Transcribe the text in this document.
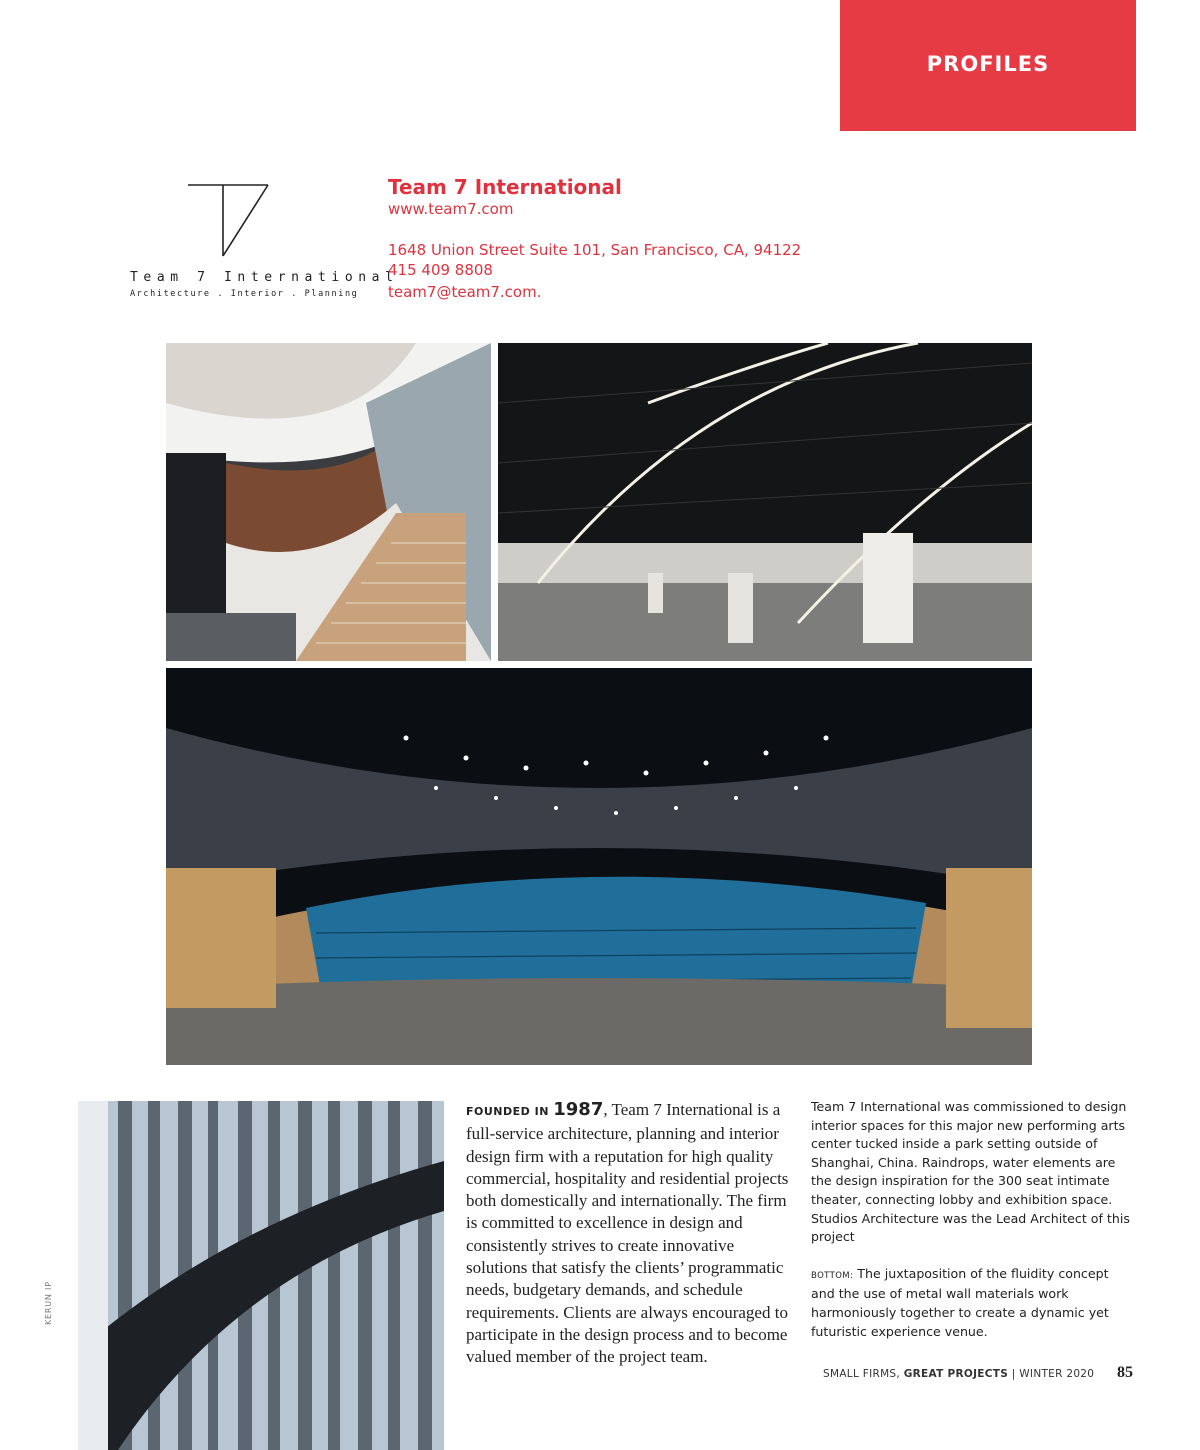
PROFILES
Team 7 International
Architecture . Interior . Planning
Team 7 International
www.team7.com
1648 Union Street Suite 101, San Francisco, CA, 94122
415 409 8808
team7@team7.com.
KERUN IP
FOUNDED IN 1987, Team 7 International is a full-service architecture, planning and interior design firm with a reputation for high quality commercial, hospitality and residential projects both domestically and internationally. The firm is committed to excellence in design and consistently strives to create innovative solutions that satisfy the clients’ programmatic needs, budgetary demands, and schedule requirements. Clients are always encouraged to participate in the design process and to become valued member of the project team.

Team 7 International was commissioned to design interior spaces for this major new performing arts center tucked inside a park setting outside of Shanghai, China. Raindrops, water elements are the design inspiration for the 300 seat intimate theater, connecting lobby and exhibition space. Studios Architecture was the Lead Architect of this project

BOTTOM: The juxtaposition of the fluidity concept and the use of metal wall materials work harmoniously together to create a dynamic yet futuristic experience venue.

SMALL FIRMS, GREAT PROJECTS | WINTER 2020 85
